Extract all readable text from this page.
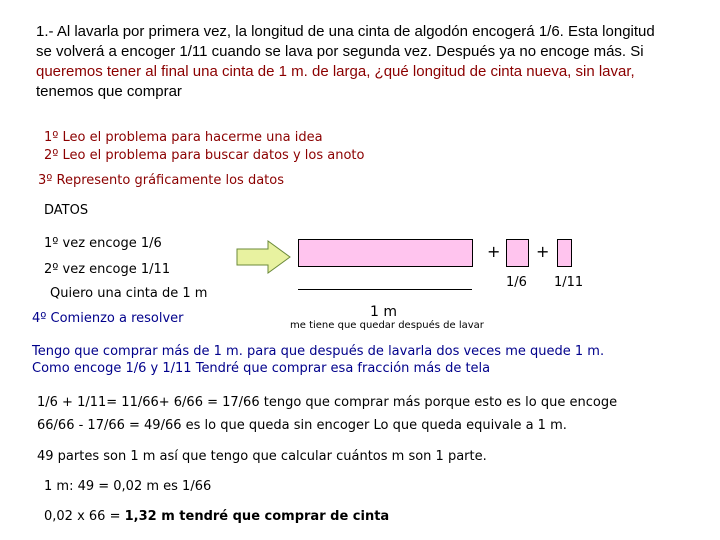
1.- Al lavarla por primera vez, la longitud de una cinta de algodón encogerá 1/6. Esta longitud
se volverá a encoger 1/11 cuando se lava por segunda vez. Después ya no encoge más. Si
queremos tener al final una cinta de 1 m. de larga, ¿qué longitud de cinta nueva, sin lavar,
tenemos que comprar
1º Leo el problema para hacerme una idea
2º Leo el problema para buscar datos y los anoto
3º Represento gráficamente los datos
DATOS
1º vez encoge 1/6
2º vez encoge 1/11
Quiero una cinta de 1 m
4º Comienzo a resolver
+ +
1/6 1/11
1 m
me tiene que quedar después de lavar
Tengo que comprar más de 1 m. para que después de lavarla dos veces me quede 1 m.
Como encoge 1/6 y 1/11 Tendré que comprar esa fracción más de tela
1/6 + 1/11= 11/66+ 6/66 = 17/66 tengo que comprar más porque esto es lo que encoge
66/66 - 17/66 = 49/66 es lo que queda sin encoger Lo que queda equivale a 1 m.
49 partes son 1 m así que tengo que calcular cuántos m son 1 parte.
1 m: 49 = 0,02 m es 1/66
0,02 x 66 = 1,32 m tendré que comprar de cinta
